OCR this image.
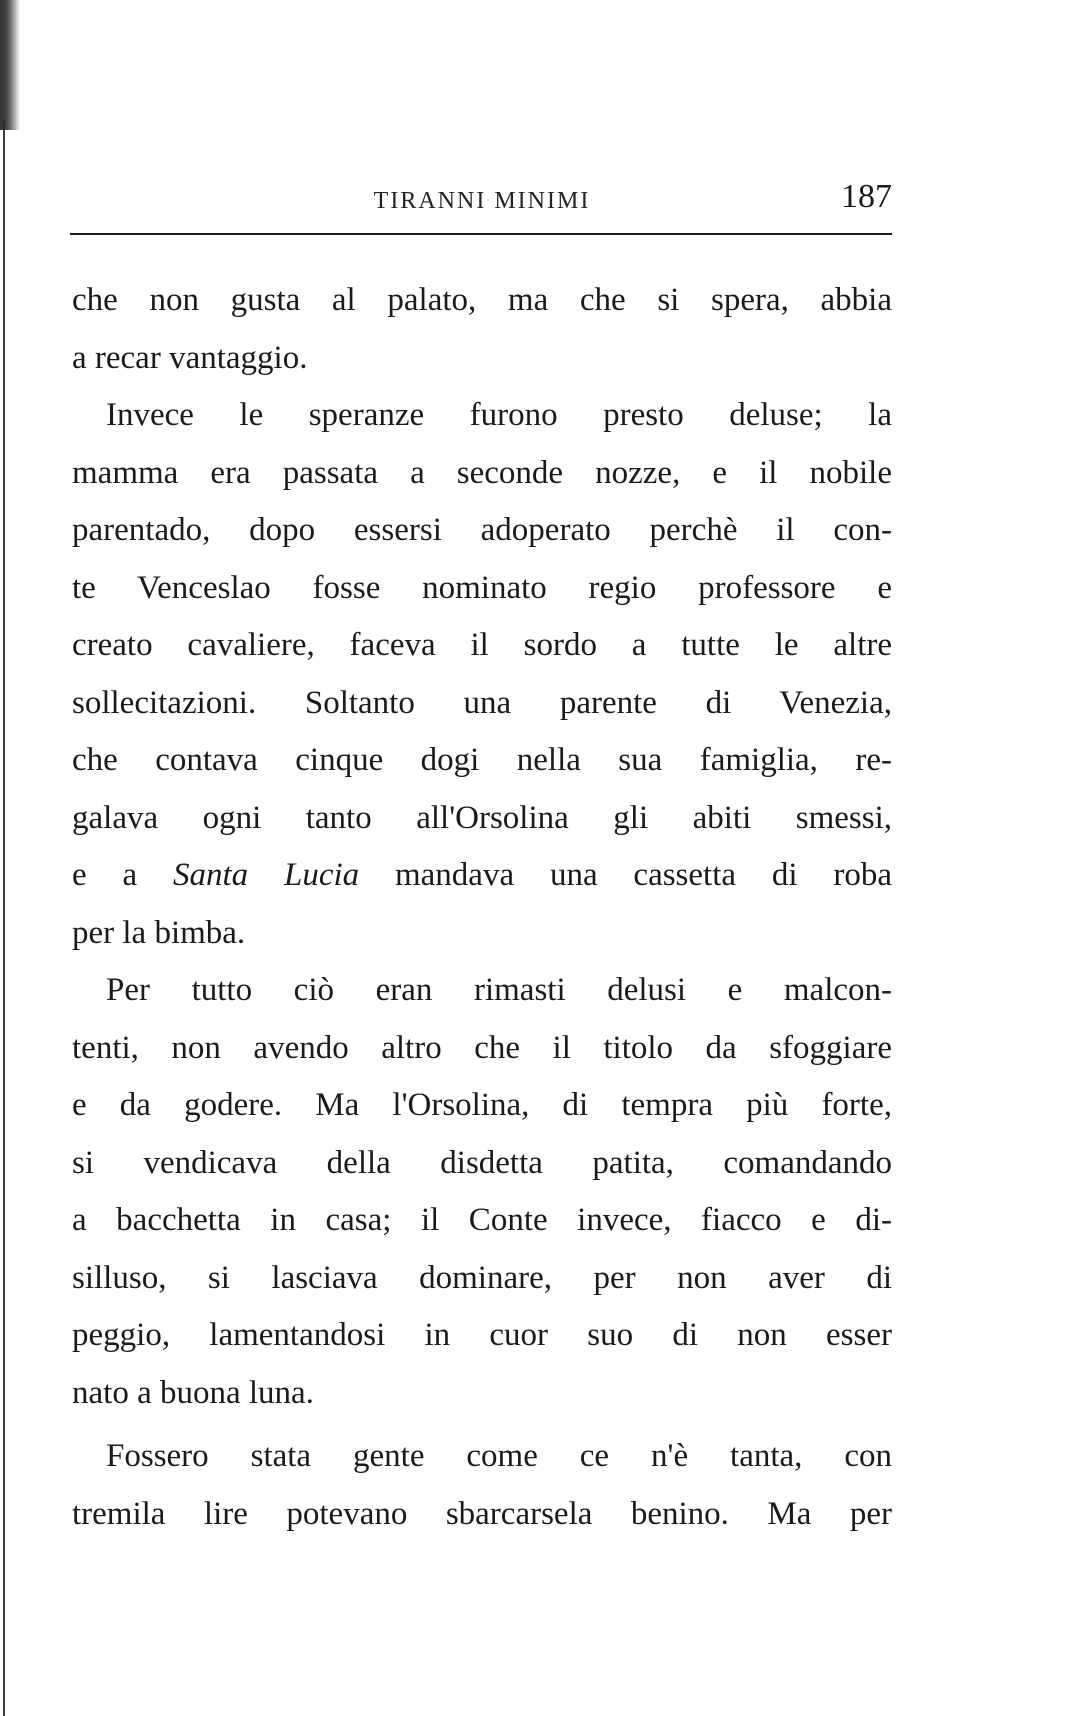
TIRANNI MINIMI	187
che non gusta al palato, ma che si spera, abbia
a recar vantaggio.
Invece le speranze furono presto deluse; la
mamma era passata a seconde nozze, e il nobile
parentado, dopo essersi adoperato perchè il con-
te Venceslao fosse nominato regio professore e
creato cavaliere, faceva il sordo a tutte le altre
sollecitazioni. Soltanto una parente di Venezia,
che contava cinque dogi nella sua famiglia, re-
galava ogni tanto all'Orsolina gli abiti smessi,
e a Santa Lucia mandava una cassetta di roba
per la bimba.
Per tutto ciò eran rimasti delusi e malcon-
tenti, non avendo altro che il titolo da sfoggiare
e da godere. Ma l'Orsolina, di tempra più forte,
si vendicava della disdetta patita, comandando
a bacchetta in casa; il Conte invece, fiacco e di-
silluso, si lasciava dominare, per non aver di
peggio, lamentandosi in cuor suo di non esser
nato a buona luna.
Fossero stata gente come ce n'è tanta, con
tremila lire potevano sbarcarsela benino. Ma per
